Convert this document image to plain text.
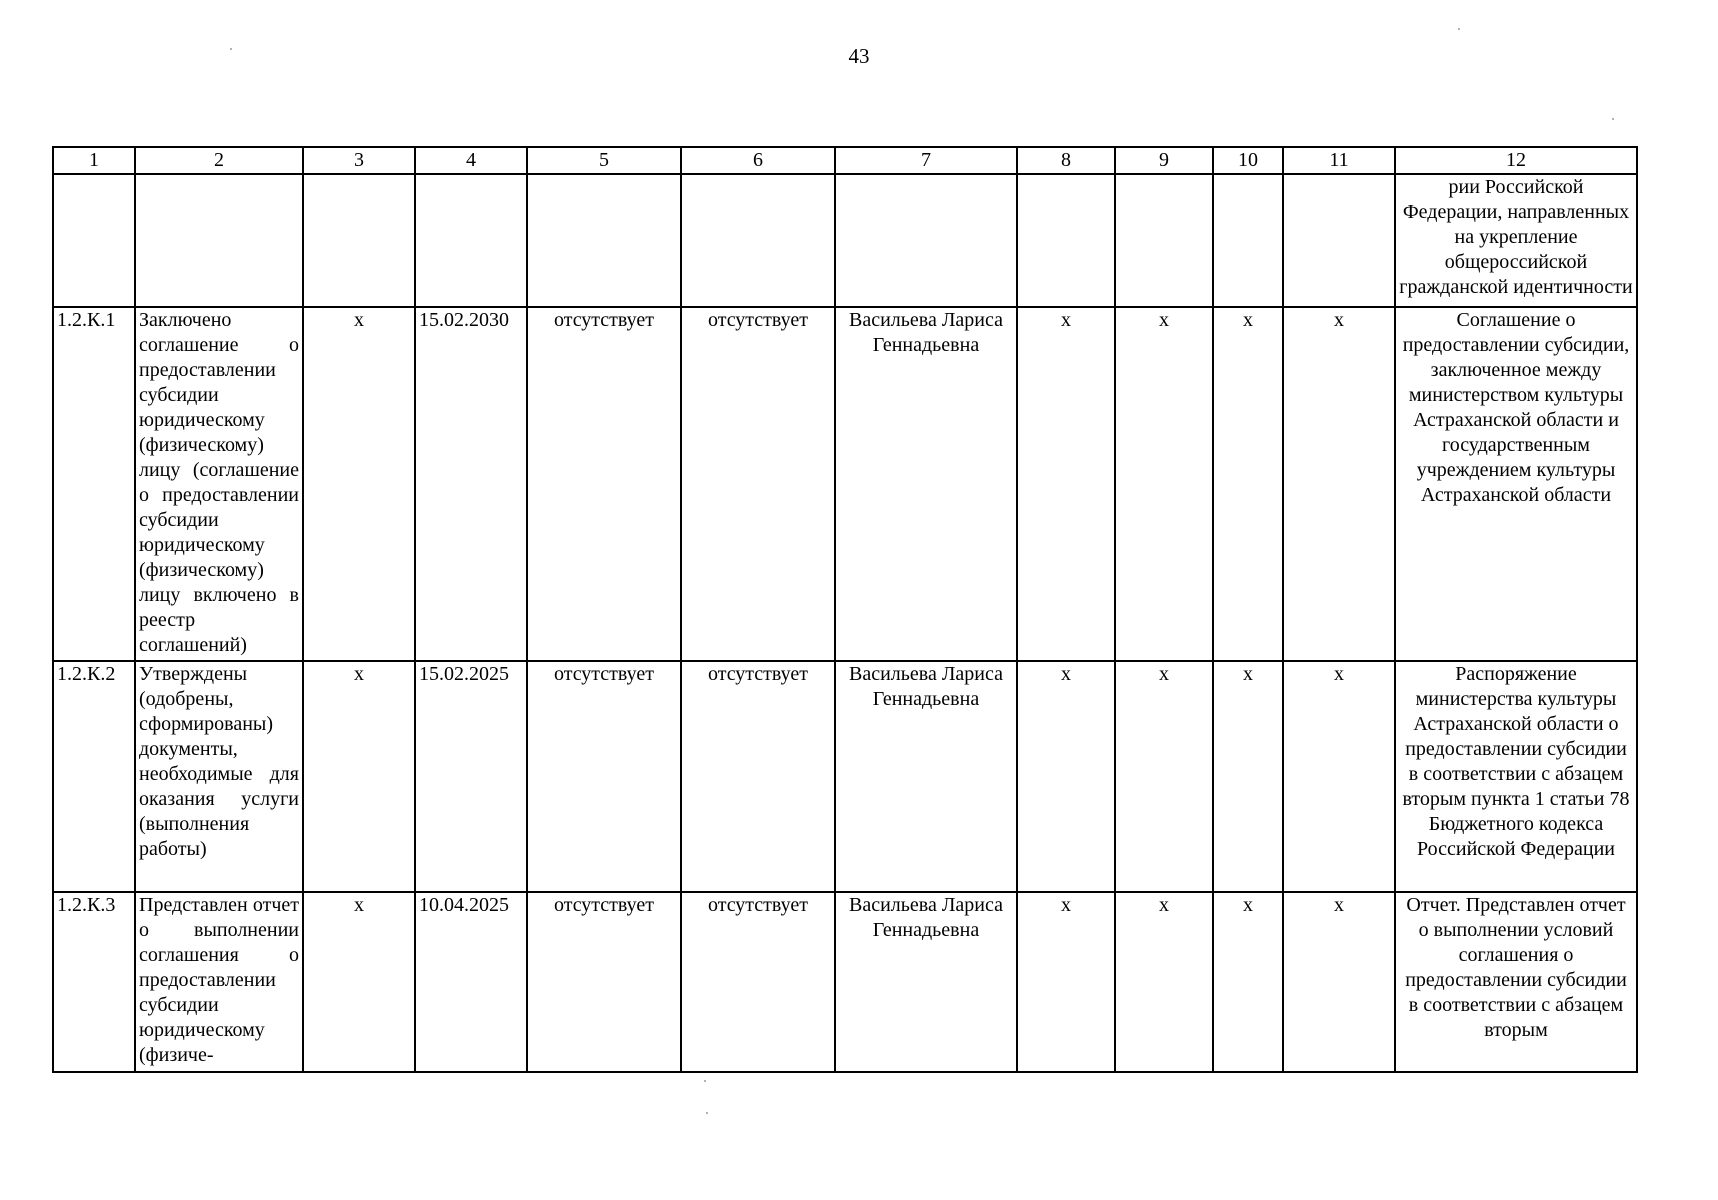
43
1	2	3	4	5	6	7	8	9	10	11	12
											рии Российской Федерации, направленных на укрепление общероссийской гражданской идентичности
1.2.К.1	Заключено соглашение о предоставлении субсидии юридическому (физическому) лицу (соглашение о предоставлении субсидии юридическому (физическому) лицу включено в реестр соглашений)	х	15.02.2030	отсутствует	отсутствует	Васильева Лариса Геннадьевна	х	х	х	х	Соглашение о предоставлении субсидии, заключенное между министерством культуры Астраханской области и государственным учреждением культуры Астраханской области
1.2.К.2	Утверждены (одобрены, сформированы) документы, необходимые для оказания услуги (выполнения работы)	х	15.02.2025	отсутствует	отсутствует	Васильева Лариса Геннадьевна	х	х	х	х	Распоряжение министерства культуры Астраханской области о предоставлении субсидии в соответствии с абзацем вторым пункта 1 статьи 78 Бюджетного кодекса Российской Федерации
1.2.К.3	Представлен отчет о выполнении соглашения о предоставлении субсидии юридическому (физиче-	х	10.04.2025	отсутствует	отсутствует	Васильева Лариса Геннадьевна	х	х	х	х	Отчет. Представлен отчет о выполнении условий соглашения о предоставлении субсидии в соответствии с абзацем вторым
